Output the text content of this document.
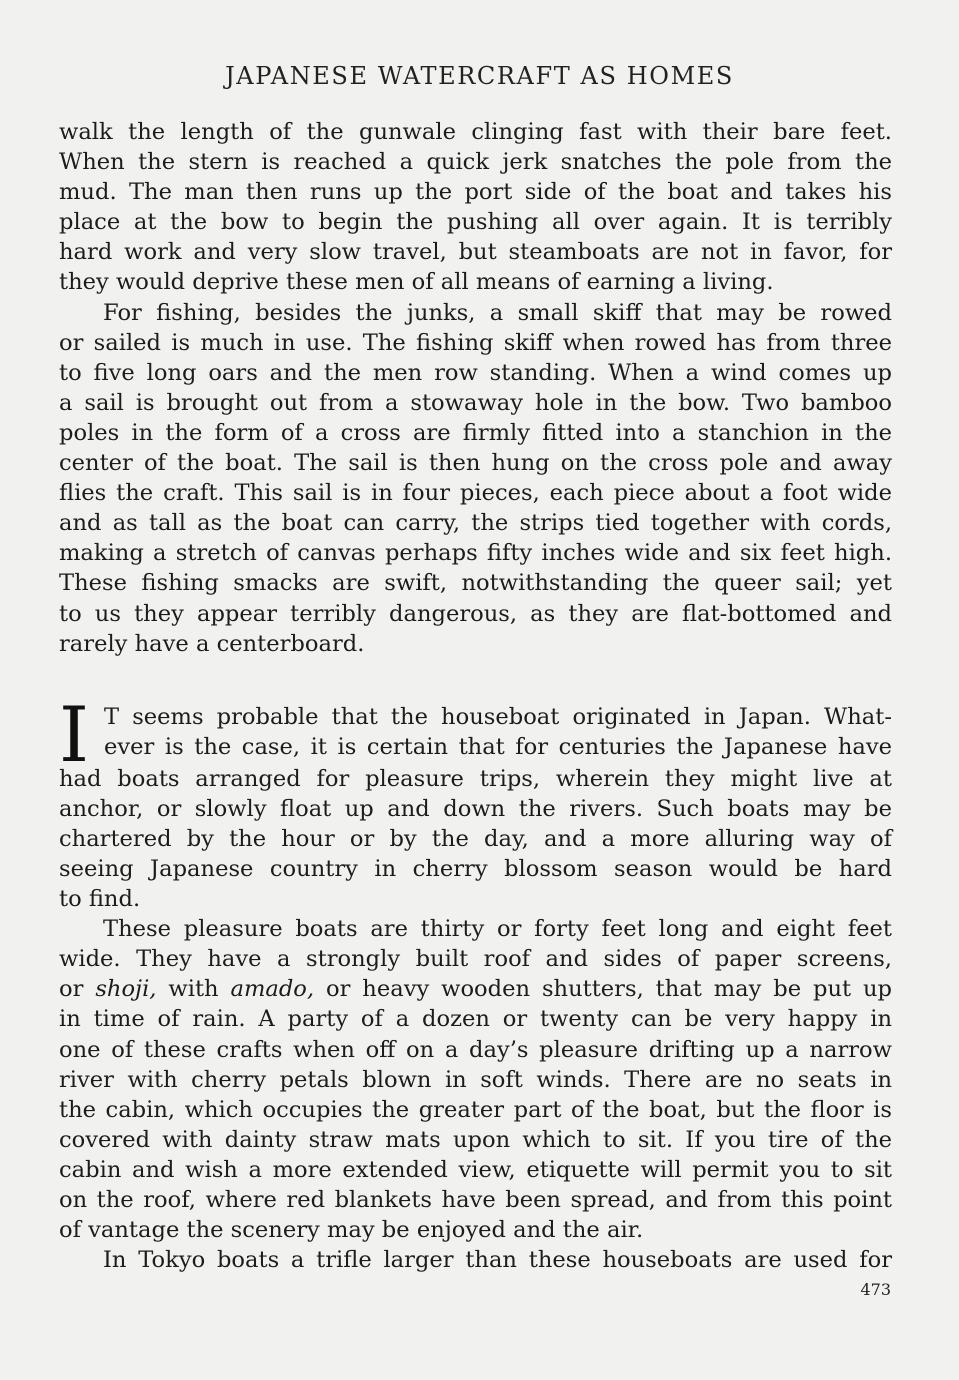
JAPANESE WATERCRAFT AS HOMES
walk the length of the gunwale clinging fast with their bare feet.
When the stern is reached a quick jerk snatches the pole from the
mud. The man then runs up the port side of the boat and takes his
place at the bow to begin the pushing all over again. It is terribly
hard work and very slow travel, but steamboats are not in favor, for
they would deprive these men of all means of earning a living.
For fishing, besides the junks, a small skiff that may be rowed
or sailed is much in use. The fishing skiff when rowed has from three
to five long oars and the men row standing. When a wind comes up
a sail is brought out from a stowaway hole in the bow. Two bamboo
poles in the form of a cross are firmly fitted into a stanchion in the
center of the boat. The sail is then hung on the cross pole and away
flies the craft. This sail is in four pieces, each piece about a foot wide
and as tall as the boat can carry, the strips tied together with cords,
making a stretch of canvas perhaps fifty inches wide and six feet high.
These fishing smacks are swift, notwithstanding the queer sail; yet
to us they appear terribly dangerous, as they are flat-bottomed and
rarely have a centerboard.
I T seems probable that the houseboat originated in Japan. What-
ever is the case, it is certain that for centuries the Japanese have
had boats arranged for pleasure trips, wherein they might live at
anchor, or slowly float up and down the rivers. Such boats may be
chartered by the hour or by the day, and a more alluring way of
seeing Japanese country in cherry blossom season would be hard
to find.
These pleasure boats are thirty or forty feet long and eight feet
wide. They have a strongly built roof and sides of paper screens,
or shoji, with amado, or heavy wooden shutters, that may be put up
in time of rain. A party of a dozen or twenty can be very happy in
one of these crafts when off on a day’s pleasure drifting up a narrow
river with cherry petals blown in soft winds. There are no seats in
the cabin, which occupies the greater part of the boat, but the floor is
covered with dainty straw mats upon which to sit. If you tire of the
cabin and wish a more extended view, etiquette will permit you to sit
on the roof, where red blankets have been spread, and from this point
of vantage the scenery may be enjoyed and the air.
In Tokyo boats a trifle larger than these houseboats are used for
473
